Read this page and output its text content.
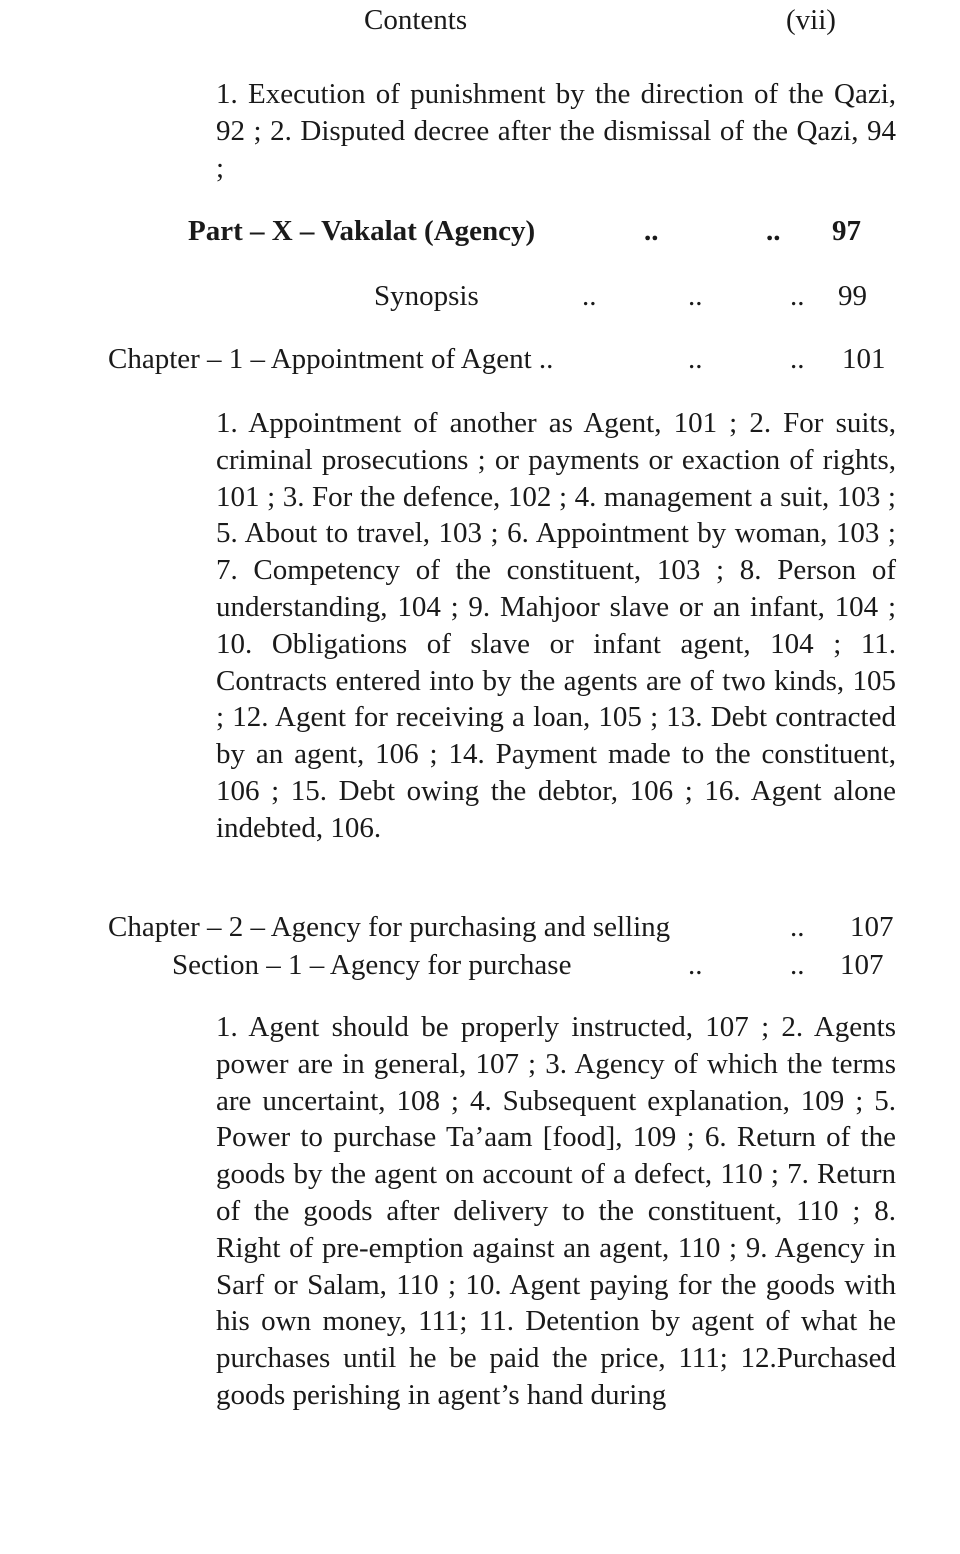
Contents	(vii)

1. Execution of punishment by the direction of the Qazi, 92 ; 2. Disputed decree after the dismissal of the Qazi, 94 ;

Part – X – Vakalat (Agency)	..	.. 97
Synopsis	..	..	.. 99
Chapter – 1 – Appointment of Agent ..	..	.. 101

1. Appointment of another as Agent, 101 ; 2. For suits, criminal prosecutions ; or payments or exaction of rights, 101 ; 3. For the defence, 102 ; 4. management a suit, 103 ; 5. About to travel, 103 ; 6. Appointment by woman, 103 ; 7. Competency of the constituent, 103 ; 8. Person of understanding, 104 ; 9. Mahjoor slave or an infant, 104 ; 10. Obligations of slave or infant agent, 104 ; 11. Contracts entered into by the agents are of two kinds, 105 ; 12. Agent for receiving a loan, 105 ; 13. Debt contracted by an agent, 106 ; 14. Payment made to the constituent, 106 ; 15. Debt owing the debtor, 106 ; 16. Agent alone indebted, 106.

Chapter – 2 – Agency for purchasing and selling	.. 107
Section – 1 – Agency for purchase	..	.. 107

1. Agent should be properly instructed, 107 ; 2. Agents power are in general, 107 ; 3. Agency of which the terms are uncertaint, 108 ; 4. Subsequent explanation, 109 ; 5. Power to purchase Ta’aam [food], 109 ; 6. Return of the goods by the agent on account of a defect, 110 ; 7. Return of the goods after delivery to the constituent, 110 ; 8. Right of pre-emption against an agent, 110 ; 9. Agency in Sarf or Salam, 110 ; 10. Agent paying for the goods with his own money, 111; 11. Detention by agent of what he purchases until he be paid the price, 111; 12.Purchased goods perishing in agent’s hand during
